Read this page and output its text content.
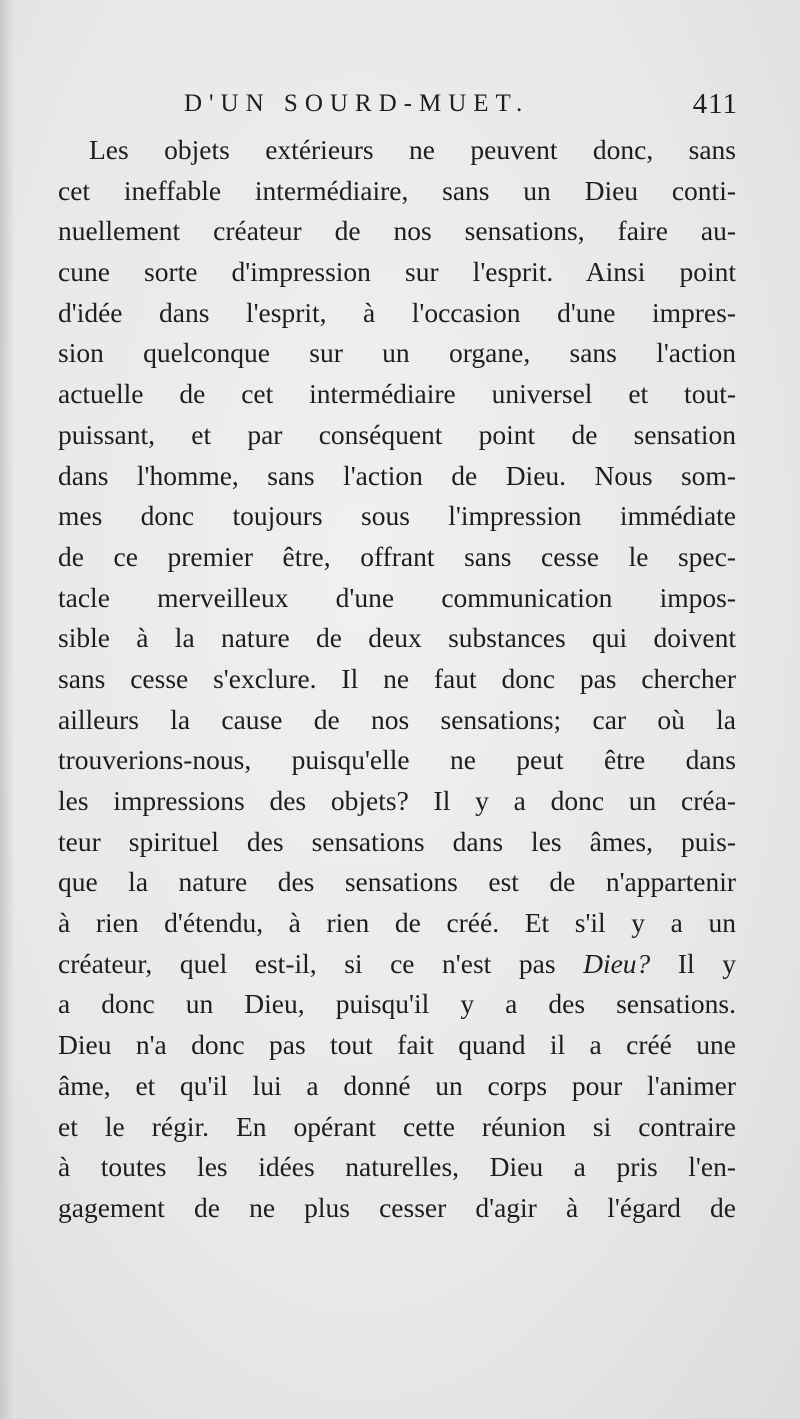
D'UN SOURD-MUET.	411
Les objets extérieurs ne peuvent donc, sans
cet ineffable intermédiaire, sans un Dieu conti-
nuellement créateur de nos sensations, faire au-
cune sorte d'impression sur l'esprit. Ainsi point
d'idée dans l'esprit, à l'occasion d'une impres-
sion quelconque sur un organe, sans l'action
actuelle de cet intermédiaire universel et tout-
puissant, et par conséquent point de sensation
dans l'homme, sans l'action de Dieu. Nous som-
mes donc toujours sous l'impression immédiate
de ce premier être, offrant sans cesse le spec-
tacle merveilleux d'une communication impos-
sible à la nature de deux substances qui doivent
sans cesse s'exclure. Il ne faut donc pas chercher
ailleurs la cause de nos sensations; car où la
trouverions-nous, puisqu'elle ne peut être dans
les impressions des objets? Il y a donc un créa-
teur spirituel des sensations dans les âmes, puis-
que la nature des sensations est de n'appartenir
à rien d'étendu, à rien de créé. Et s'il y a un
créateur, quel est-il, si ce n'est pas Dieu? Il y
a donc un Dieu, puisqu'il y a des sensations.
Dieu n'a donc pas tout fait quand il a créé une
âme, et qu'il lui a donné un corps pour l'animer
et le régir. En opérant cette réunion si contraire
à toutes les idées naturelles, Dieu a pris l'en-
gagement de ne plus cesser d'agir à l'égard de
